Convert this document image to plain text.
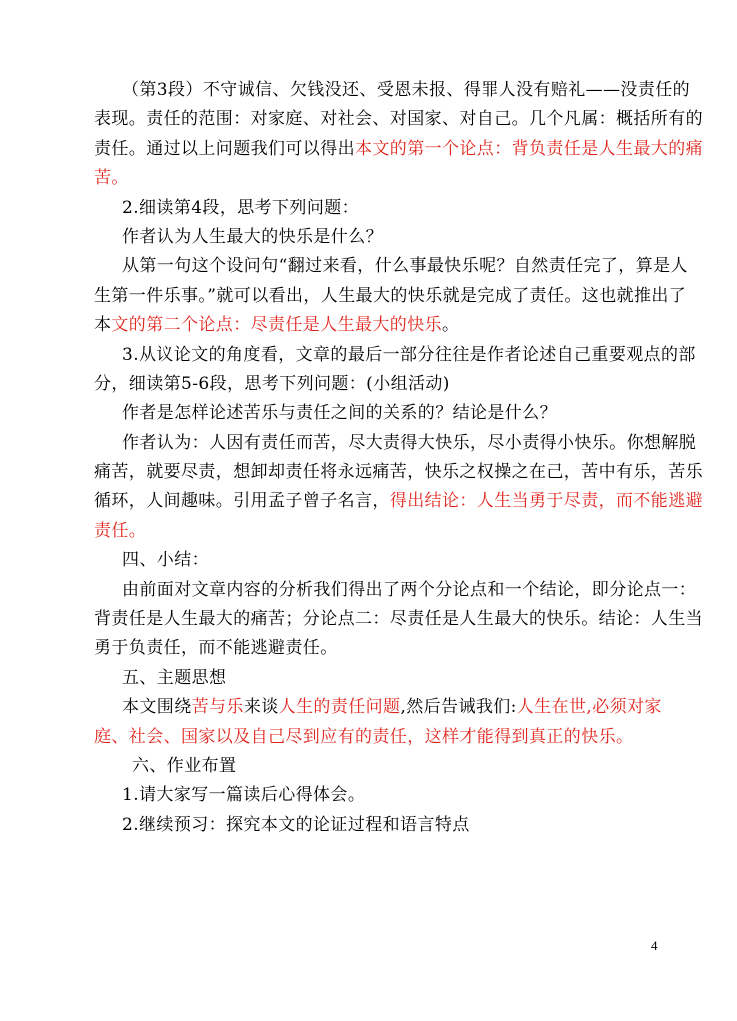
（第3段）不守诚信、欠钱没还、受恩未报、得罪人没有赔礼——没责任的
表现。责任的范围：对家庭、对社会、对国家、对自己。几个凡属：概括所有的
责任。通过以上问题我们可以得出本文的第一个论点：背负责任是人生最大的痛
苦。
2.细读第4段，思考下列问题：
作者认为人生最大的快乐是什么？
从第一句这个设问句“翻过来看，什么事最快乐呢？自然责任完了，算是人
生第一件乐事。”就可以看出，人生最大的快乐就是完成了责任。这也就推出了
本文的第二个论点：尽责任是人生最大的快乐。
3.从议论文的角度看，文章的最后一部分往往是作者论述自己重要观点的部
分，细读第5-6段，思考下列问题：(小组活动)
作者是怎样论述苦乐与责任之间的关系的？结论是什么？
作者认为：人因有责任而苦，尽大责得大快乐，尽小责得小快乐。你想解脱
痛苦，就要尽责，想卸却责任将永远痛苦，快乐之权操之在己，苦中有乐，苦乐
循环，人间趣味。引用孟子曾子名言，得出结论：人生当勇于尽责，而不能逃避
责任。
四、小结：
由前面对文章内容的分析我们得出了两个分论点和一个结论，即分论点一：
背责任是人生最大的痛苦；分论点二：尽责任是人生最大的快乐。结论：人生当
勇于负责任，而不能逃避责任。
五、主题思想
本文围绕苦与乐来谈人生的责任问题,然后告诫我们:人生在世,必须对家
庭、社会、国家以及自己尽到应有的责任，这样才能得到真正的快乐。
六、作业布置
1.请大家写一篇读后心得体会。
2.继续预习：探究本文的论证过程和语言特点
4
